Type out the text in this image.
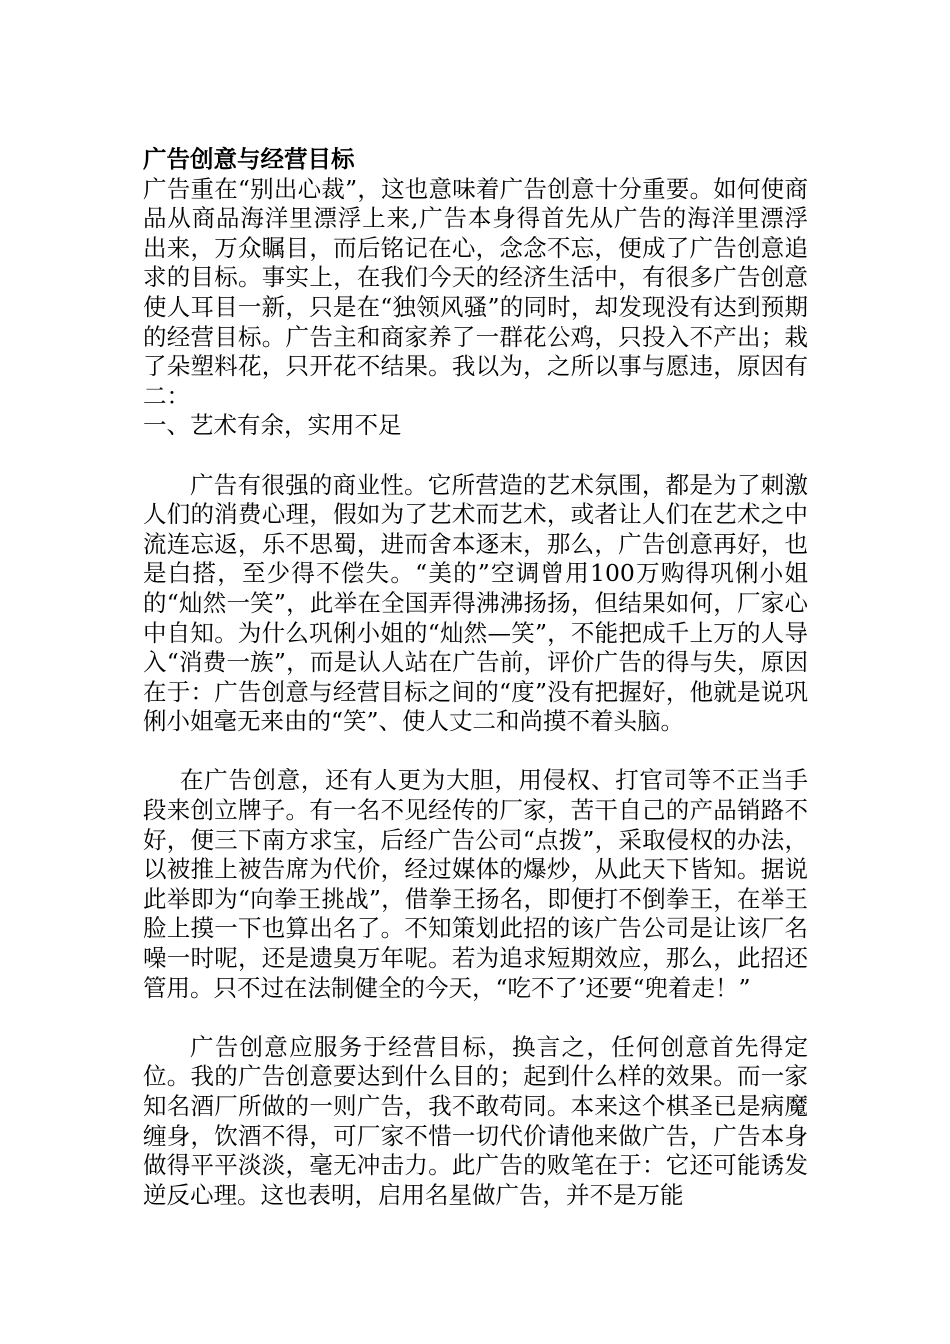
广告创意与经营目标

广告重在“别出心裁”，这也意味着广告创意十分重要。如何使商品从商品海洋里漂浮上来,广告本身得首先从广告的海洋里漂浮出来，万众瞩目，而后铭记在心，念念不忘，便成了广告创意追求的目标。事实上，在我们今天的经济生活中，有很多广告创意使人耳目一新，只是在“独领风骚”的同时，却发现没有达到预期的经营目标。广告主和商家养了一群花公鸡，只投入不产出；栽了朵塑料花，只开花不结果。我以为，之所以事与愿违，原因有二：

一、艺术有余，实用不足

广告有很强的商业性。它所营造的艺术氛围，都是为了刺激人们的消费心理，假如为了艺术而艺术，或者让人们在艺术之中流连忘返，乐不思蜀，进而舍本逐末，那么，广告创意再好，也是白搭，至少得不偿失。“美的”空调曾用100万购得巩俐小姐的“灿然一笑”，此举在全国弄得沸沸扬扬，但结果如何，厂家心中自知。为什么巩俐小姐的“灿然—笑”，不能把成千上万的人导入“消费一族”，而是认人站在广告前，评价广告的得与失，原因在于：广告创意与经营目标之间的“度”没有把握好，他就是说巩俐小姐毫无来由的“笑”、使人丈二和尚摸不着头脑。

在广告创意，还有人更为大胆，用侵权、打官司等不正当手段来创立牌子。有一名不见经传的厂家，苦干自己的产品销路不好，便三下南方求宝，后经广告公司“点拨”，采取侵权的办法，以被推上被告席为代价，经过媒体的爆炒，从此天下皆知。据说此举即为“向拳王挑战”，借拳王扬名，即便打不倒拳王，在举王脸上摸一下也算出名了。不知策划此招的该广告公司是让该厂名噪一时呢，还是遗臭万年呢。若为追求短期效应，那么，此招还管用。只不过在法制健全的今天，“吃不了’还要“兜着走！”

广告创意应服务于经营目标，换言之，任何创意首先得定位。我的广告创意要达到什么目的；起到什么样的效果。而一家知名酒厂所做的一则广告，我不敢苟同。本来这个棋圣已是病魔缠身，饮酒不得，可厂家不惜一切代价请他来做广告，广告本身做得平平淡淡，毫无冲击力。此广告的败笔在于：它还可能诱发逆反心理。这也表明，启用名星做广告，并不是万能
